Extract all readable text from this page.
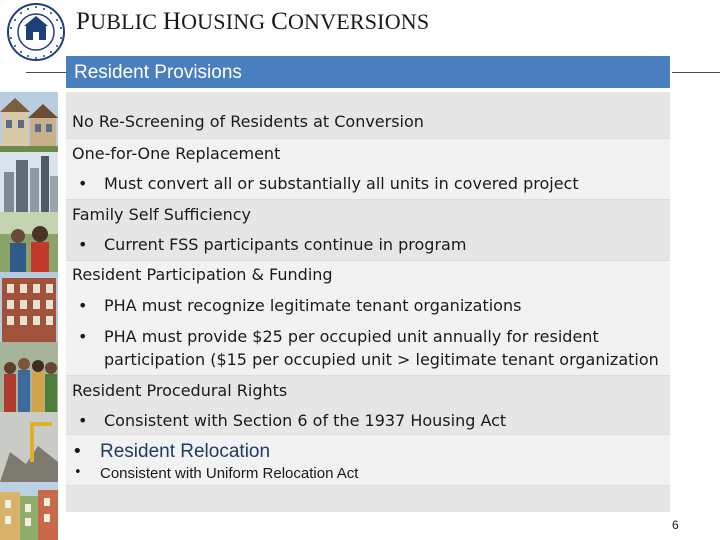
PUBLIC HOUSING CONVERSIONS
Resident Provisions
No Re-Screening of Residents at Conversion
One-for-One Replacement
• Must convert all or substantially all units in covered project
Family Self Sufficiency
• Current FSS participants continue in program
Resident Participation & Funding
• PHA must recognize legitimate tenant organizations
• PHA must provide $25 per occupied unit annually for resident
participation ($15 per occupied unit > legitimate tenant organization
Resident Procedural Rights
• Consistent with Section 6 of the 1937 Housing Act
• Resident Relocation
• Consistent with Uniform Relocation Act
6
